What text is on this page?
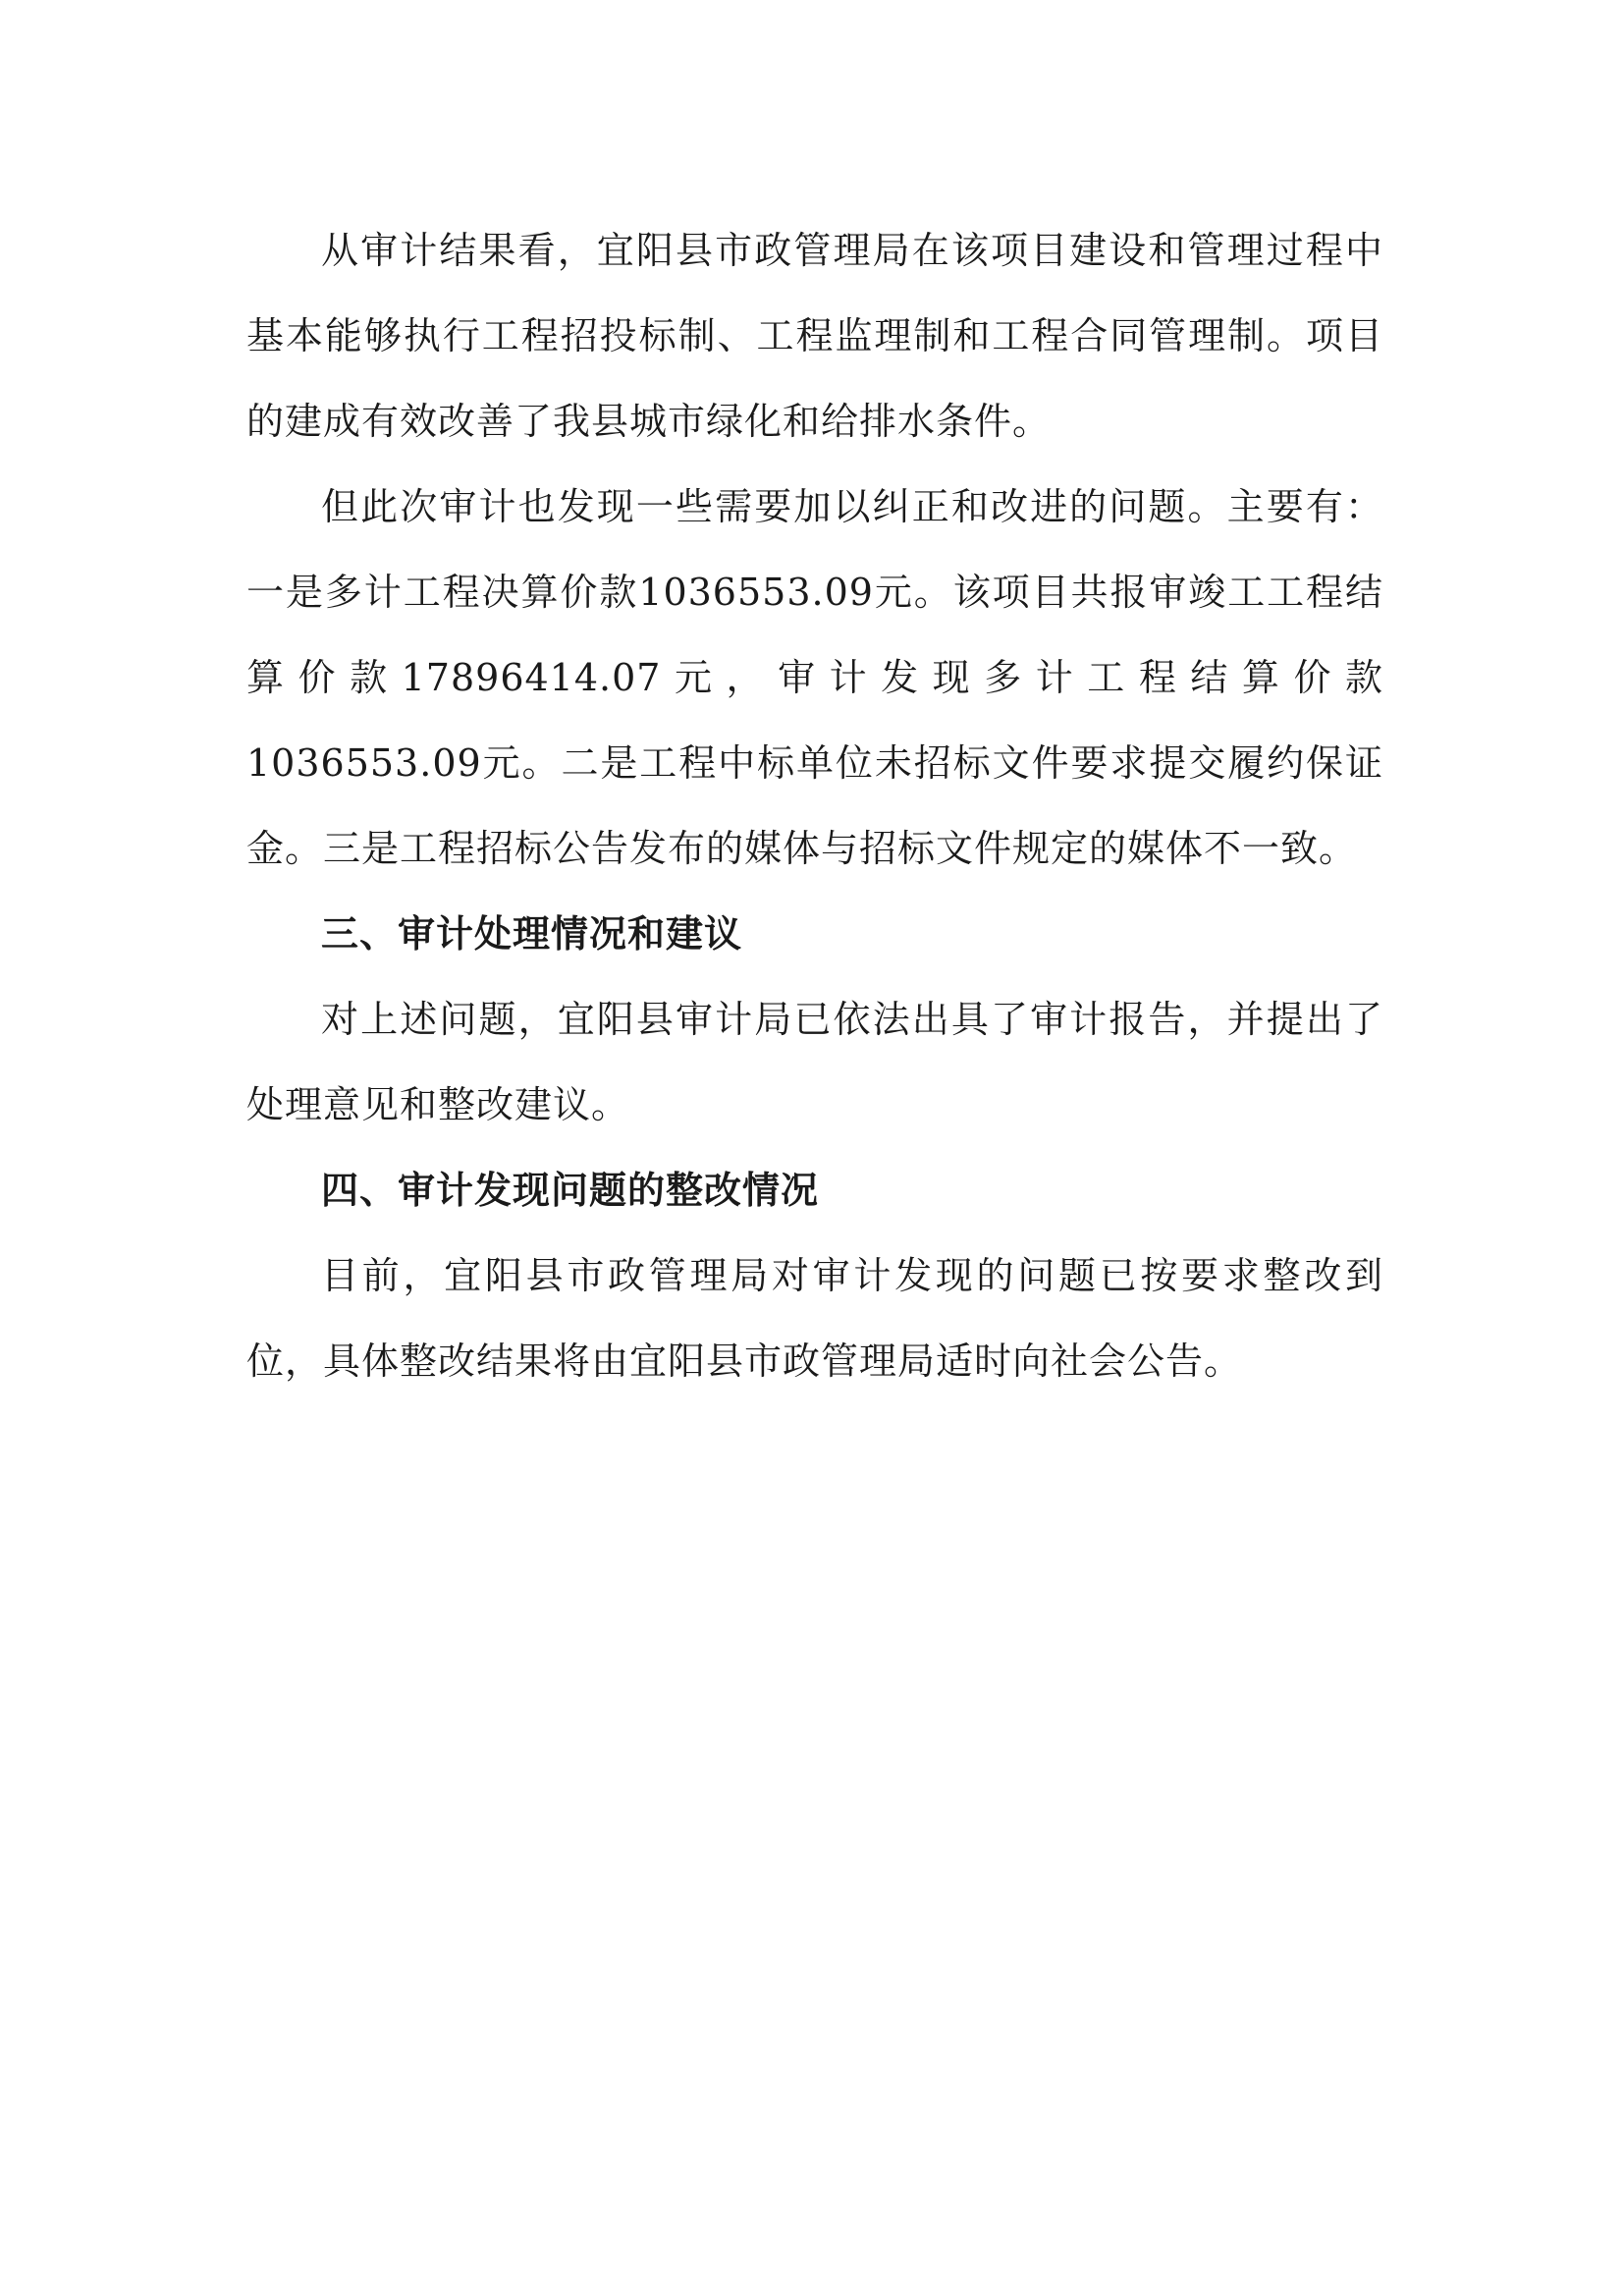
从审计结果看，宜阳县市政管理局在该项目建设和管理过程中基本能够执行工程招投标制、工程监理制和工程合同管理制。项目的建成有效改善了我县城市绿化和给排水条件。

但此次审计也发现一些需要加以纠正和改进的问题。主要有：一是多计工程决算价款1036553.09元。该项目共报审竣工工程结算价款17896414.07元，审计发现多计工程结算价款1036553.09元。二是工程中标单位未招标文件要求提交履约保证金。三是工程招标公告发布的媒体与招标文件规定的媒体不一致。

三、审计处理情况和建议

对上述问题，宜阳县审计局已依法出具了审计报告，并提出了处理意见和整改建议。

四、审计发现问题的整改情况

目前，宜阳县市政管理局对审计发现的问题已按要求整改到位，具体整改结果将由宜阳县市政管理局适时向社会公告。
